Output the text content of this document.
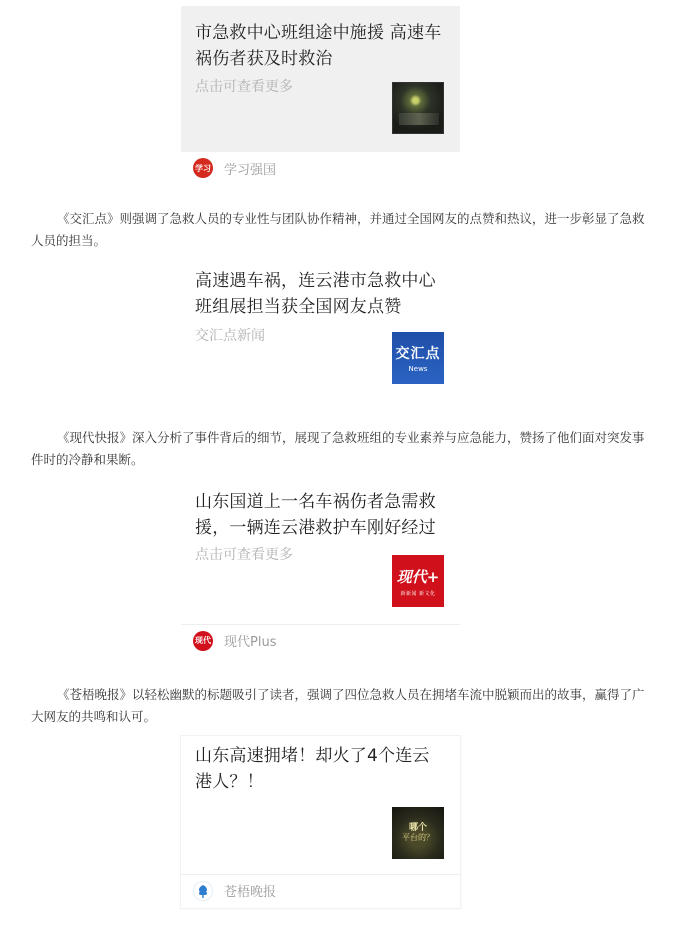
市急救中心班组途中施援 高速车祸伤者获及时救治
点击可查看更多
学习 学习强国

《交汇点》则强调了急救人员的专业性与团队协作精神，并通过全国网友的点赞和热议，进一步彰显了急救人员的担当。

高速遇车祸，连云港市急救中心班组展担当获全国网友点赞
交汇点新闻
交汇点
News

《现代快报》深入分析了事件背后的细节，展现了急救班组的专业素养与应急能力，赞扬了他们面对突发事件时的冷静和果断。

山东国道上一名车祸伤者急需救援，一辆连云港救护车刚好经过
点击可查看更多
现代+
新新闻 新文化
现代 现代Plus

《苍梧晚报》以轻松幽默的标题吸引了读者，强调了四位急救人员在拥堵车流中脱颖而出的故事，赢得了广大网友的共鸣和认可。

山东高速拥堵！却火了4个连云港人？！
哪个
平台的？
苍梧晚报
